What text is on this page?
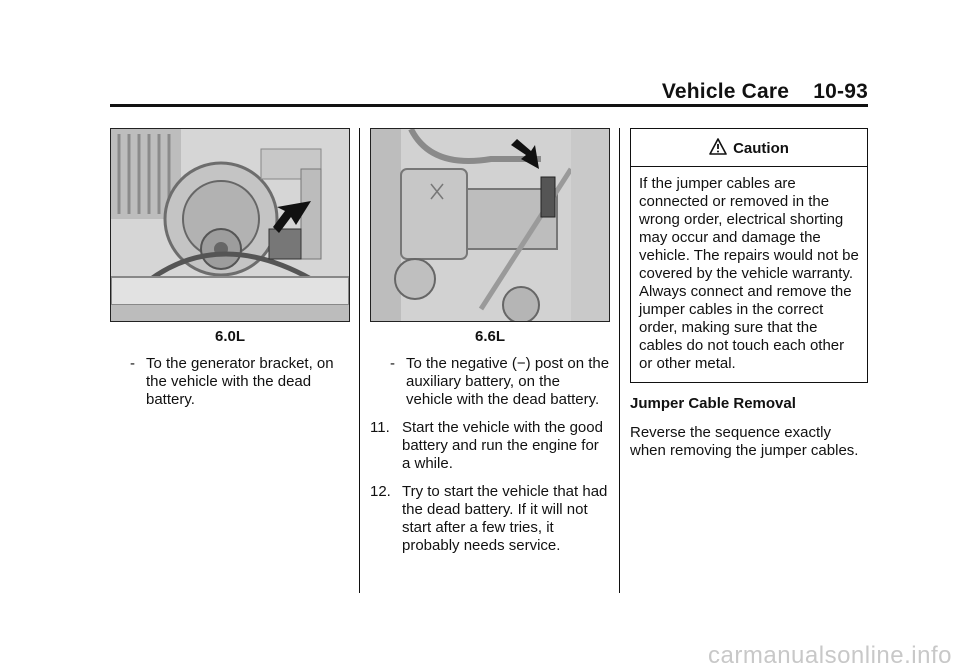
Vehicle Care    10-93
6.0L
- To the generator bracket, on the vehicle with the dead battery.
6.6L
- To the negative (−) post on the auxiliary battery, on the vehicle with the dead battery.
11. Start the vehicle with the good battery and run the engine for a while.
12. Try to start the vehicle that had the dead battery. If it will not start after a few tries, it probably needs service.
Caution
If the jumper cables are connected or removed in the wrong order, electrical shorting may occur and damage the vehicle. The repairs would not be covered by the vehicle warranty. Always connect and remove the jumper cables in the correct order, making sure that the cables do not touch each other or other metal.
Jumper Cable Removal
Reverse the sequence exactly when removing the jumper cables.
carmanualsonline.info
